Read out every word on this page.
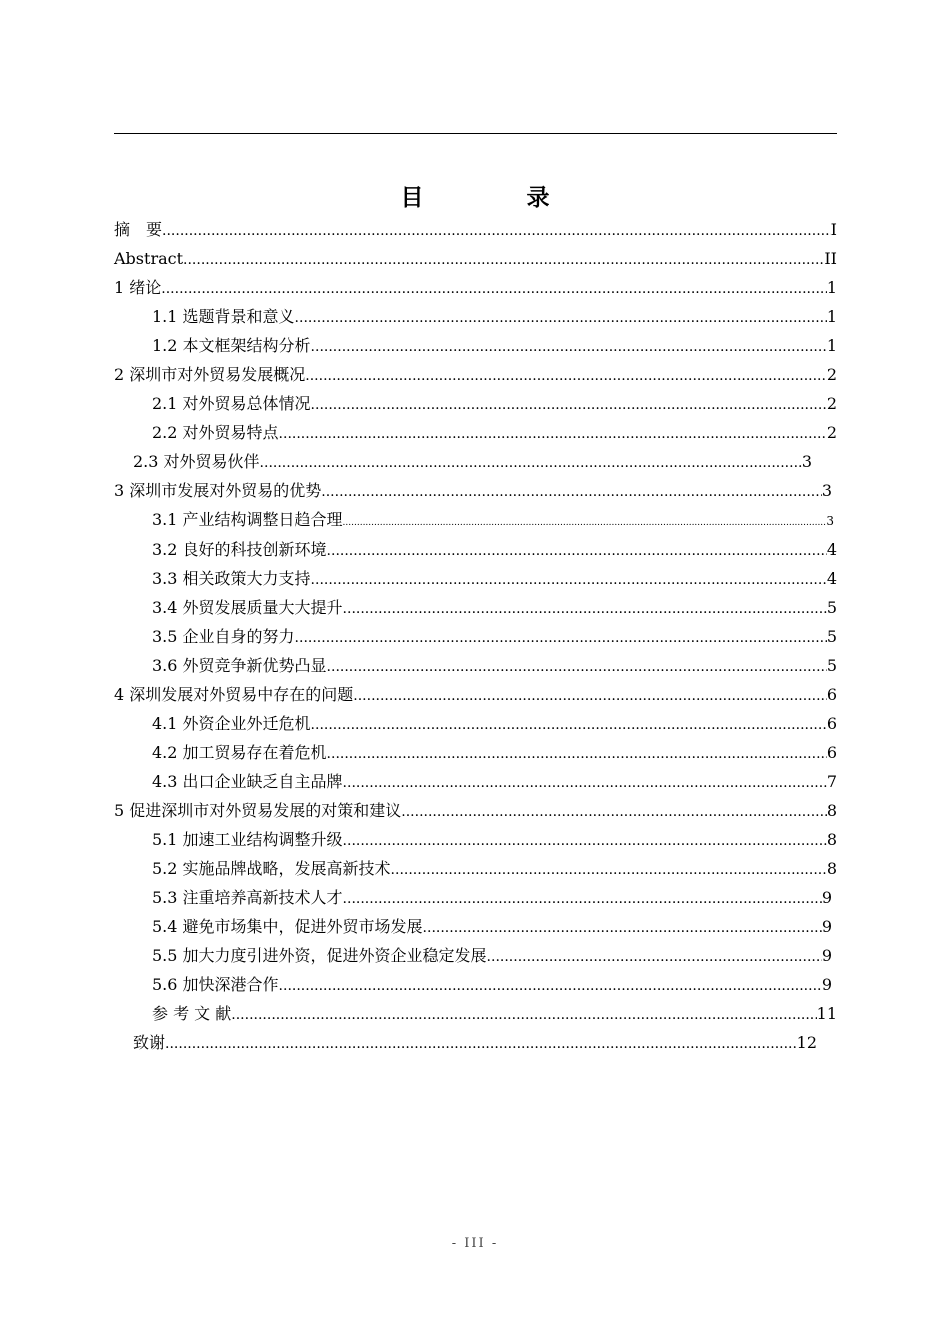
目　录
摘　要 .....	I
Abstract .....	II
1 绪论 .....	1
1.1 选题背景和意义 .....	1
1.2 本文框架结构分析 .....	1
2 深圳市对外贸易发展概况 .....	2
2.1 对外贸易总体情况 .....	2
2.2 对外贸易特点 .....	2
2.3 对外贸易伙伴 .....	3
3 深圳市发展对外贸易的优势 .....	3
3.1 产业结构调整日趋合理 .....	3
3.2 良好的科技创新环境 .....	4
3.3 相关政策大力支持 .....	4
3.4 外贸发展质量大大提升 .....	5
3.5 企业自身的努力 .....	5
3.6 外贸竞争新优势凸显 .....	5
4 深圳发展对外贸易中存在的问题 .....	6
4.1 外资企业外迁危机 .....	6
4.2 加工贸易存在着危机 .....	6
4.3 出口企业缺乏自主品牌 .....	7
5 促进深圳市对外贸易发展的对策和建议 .....	8
5.1 加速工业结构调整升级 .....	8
5.2 实施品牌战略，发展高新技术 .....	8
5.3 注重培养高新技术人才 .....	9
5.4 避免市场集中，促进外贸市场发展 .....	9
5.5 加大力度引进外资，促进外资企业稳定发展 .....	9
5.6 加快深港合作 .....	9
参 考 文 献 .....	11
致谢 .....	12
- III -
